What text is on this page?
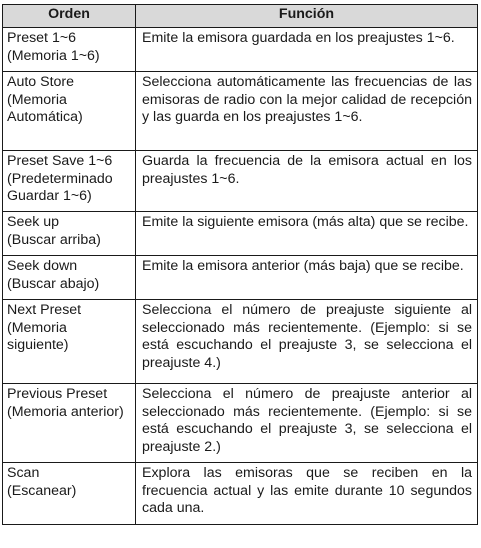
Orden	Función

Preset 1~6
(Memoria 1~6)	Emite la emisora guardada en los preajustes 1~6.

Auto Store
(Memoria Automática)	Selecciona automáticamente las frecuencias de las emisoras de radio con la mejor calidad de recepción y las guarda en los preajustes 1~6.

Preset Save 1~6
(Predeterminado Guardar 1~6)	Guarda la frecuencia de la emisora actual en los preajustes 1~6.

Seek up
(Buscar arriba)	Emite la siguiente emisora (más alta) que se recibe.

Seek down
(Buscar abajo)	Emite la emisora anterior (más baja) que se recibe.

Next Preset
(Memoria siguiente)	Selecciona el número de preajuste siguiente al seleccionado más recientemente. (Ejemplo: si se está escuchando el preajuste 3, se selecciona el preajuste 4.)

Previous Preset
(Memoria anterior)	Selecciona el número de preajuste anterior al seleccionado más recientemente. (Ejemplo: si se está escuchando el preajuste 3, se selecciona el preajuste 2.)

Scan
(Escanear)	Explora las emisoras que se reciben en la frecuencia actual y las emite durante 10 segundos cada una.
